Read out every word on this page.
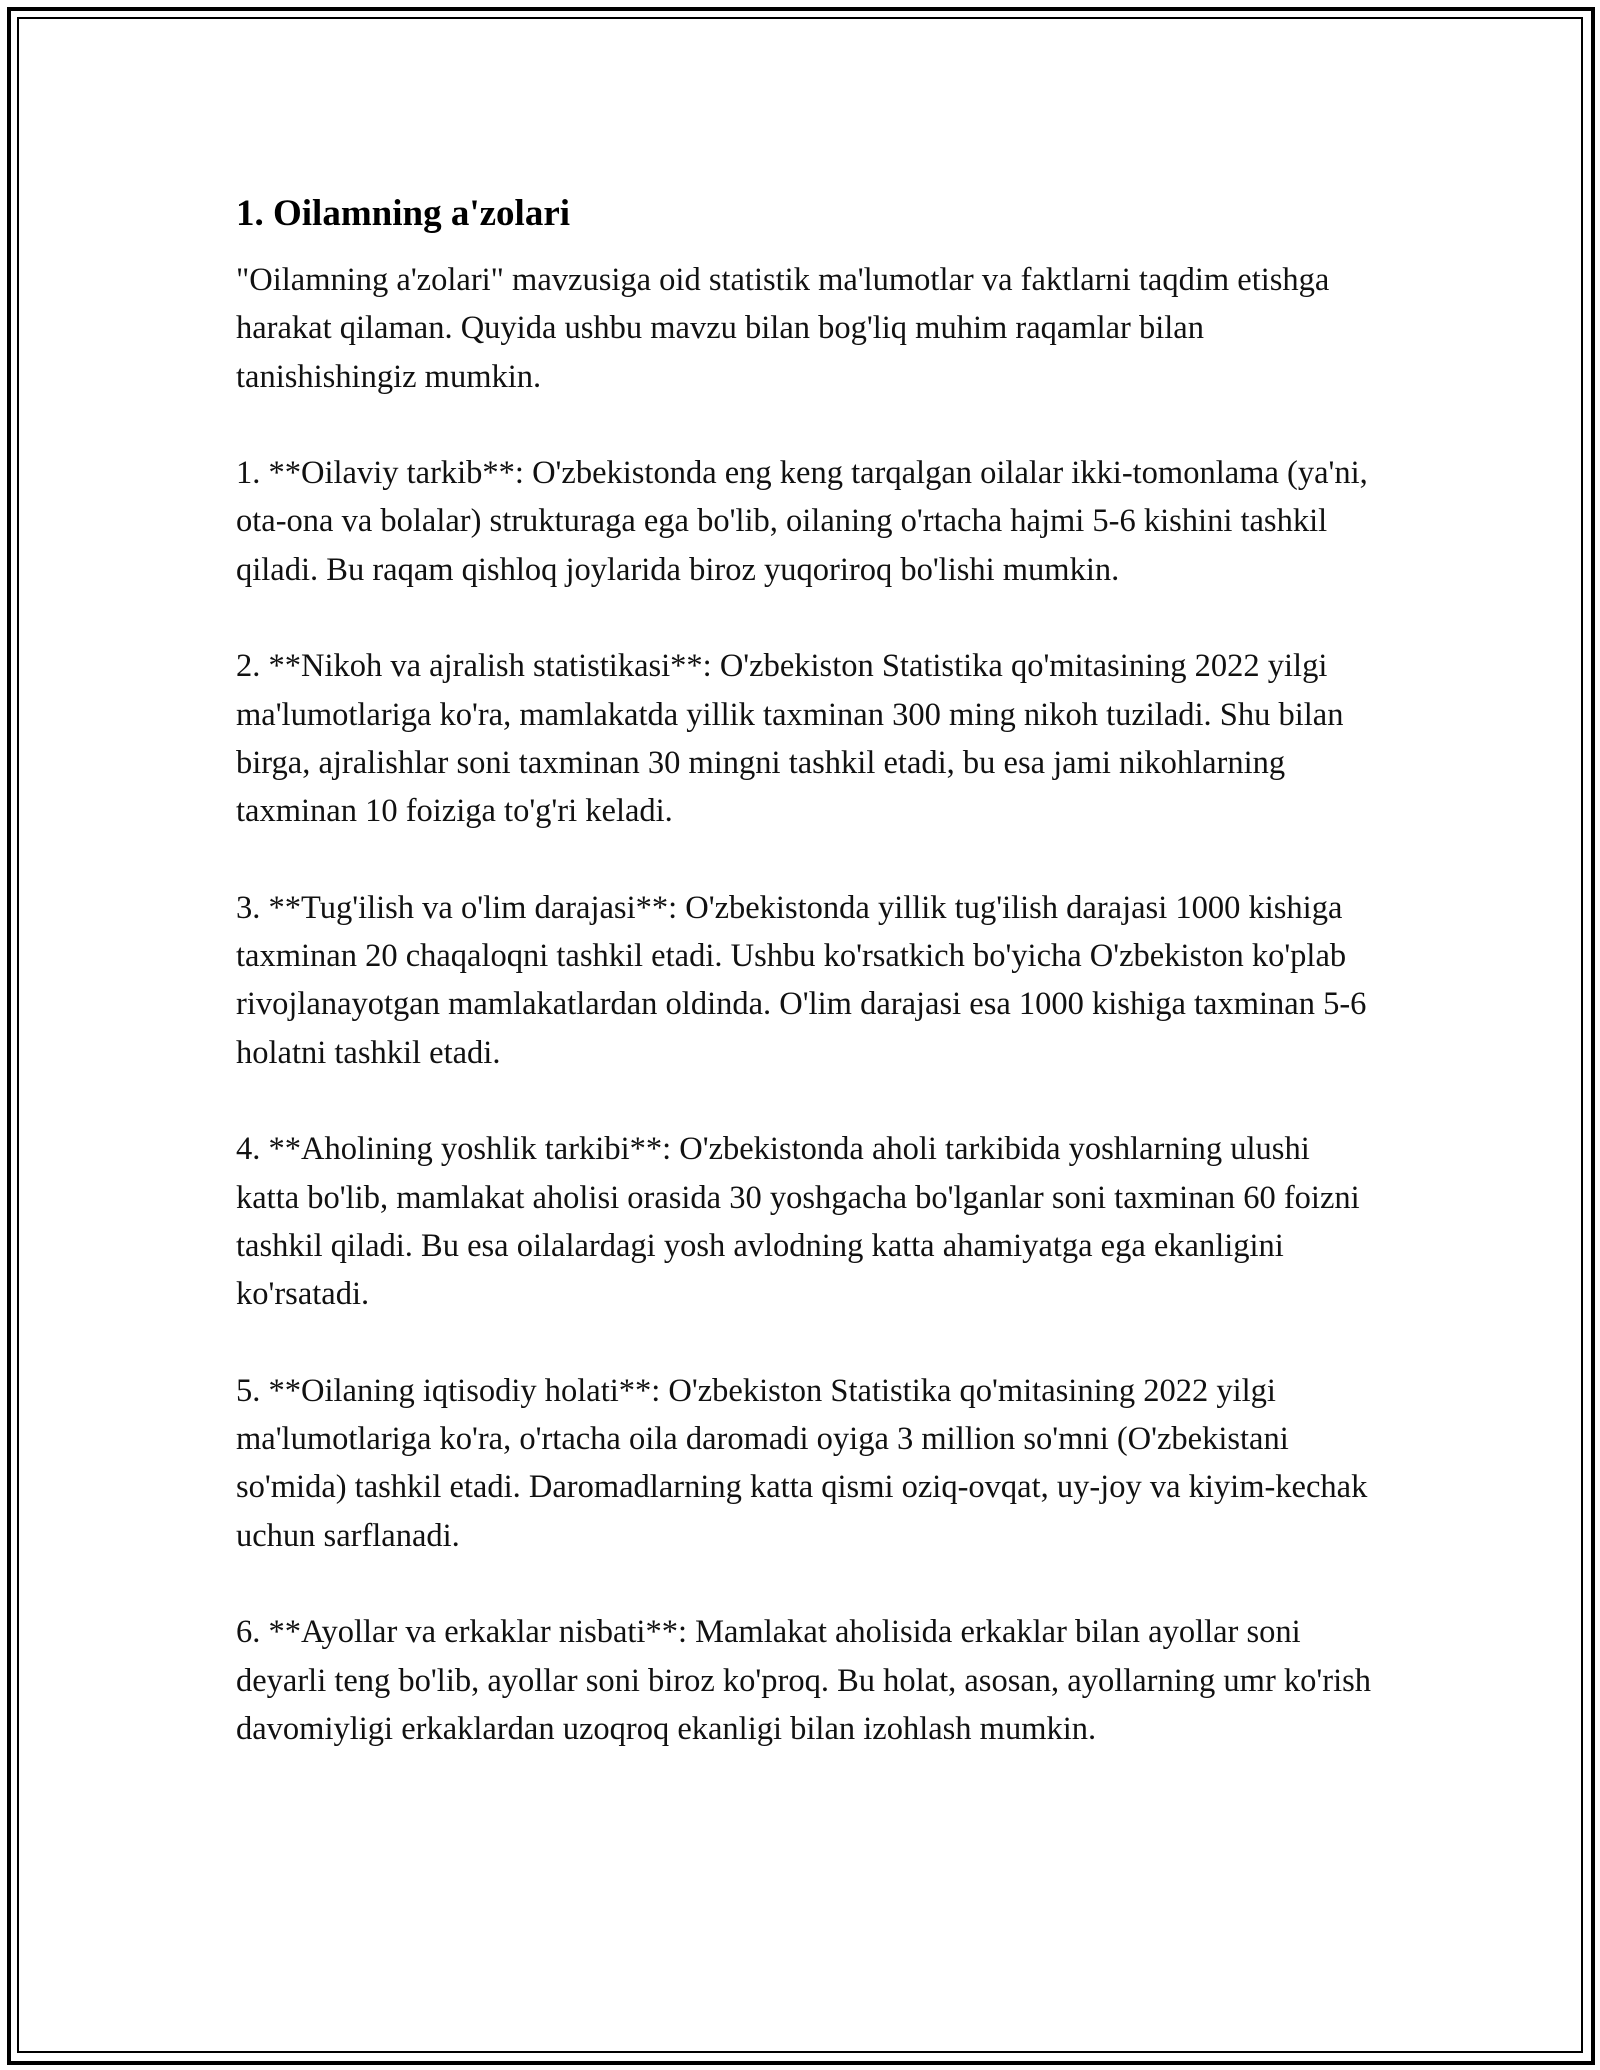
1. Oilamning a'zolari

"Oilamning a'zolari" mavzusiga oid statistik ma'lumotlar va faktlarni taqdim etishga harakat qilaman. Quyida ushbu mavzu bilan bog'liq muhim raqamlar bilan tanishishingiz mumkin.

1. **Oilaviy tarkib**: O'zbekistonda eng keng tarqalgan oilalar ikki-tomonlama (ya'ni, ota-ona va bolalar) strukturaga ega bo'lib, oilaning o'rtacha hajmi 5-6 kishini tashkil qiladi. Bu raqam qishloq joylarida biroz yuqoriroq bo'lishi mumkin.

2. **Nikoh va ajralish statistikasi**: O'zbekiston Statistika qo'mitasining 2022 yilgi ma'lumotlariga ko'ra, mamlakatda yillik taxminan 300 ming nikoh tuziladi. Shu bilan birga, ajralishlar soni taxminan 30 mingni tashkil etadi, bu esa jami nikohlarning taxminan 10 foiziga to'g'ri keladi.

3. **Tug'ilish va o'lim darajasi**: O'zbekistonda yillik tug'ilish darajasi 1000 kishiga taxminan 20 chaqaloqni tashkil etadi. Ushbu ko'rsatkich bo'yicha O'zbekiston ko'plab rivojlanayotgan mamlakatlardan oldinda. O'lim darajasi esa 1000 kishiga taxminan 5-6 holatni tashkil etadi.

4. **Aholining yoshlik tarkibi**: O'zbekistonda aholi tarkibida yoshlarning ulushi katta bo'lib, mamlakat aholisi orasida 30 yoshgacha bo'lganlar soni taxminan 60 foizni tashkil qiladi. Bu esa oilalardagi yosh avlodning katta ahamiyatga ega ekanligini ko'rsatadi.

5. **Oilaning iqtisodiy holati**: O'zbekiston Statistika qo'mitasining 2022 yilgi ma'lumotlariga ko'ra, o'rtacha oila daromadi oyiga 3 million so'mni (O'zbekistani so'mida) tashkil etadi. Daromadlarning katta qismi oziq-ovqat, uy-joy va kiyim-kechak uchun sarflanadi.

6. **Ayollar va erkaklar nisbati**: Mamlakat aholisida erkaklar bilan ayollar soni deyarli teng bo'lib, ayollar soni biroz ko'proq. Bu holat, asosan, ayollarning umr ko'rish davomiyligi erkaklardan uzoqroq ekanligi bilan izohlash mumkin.
